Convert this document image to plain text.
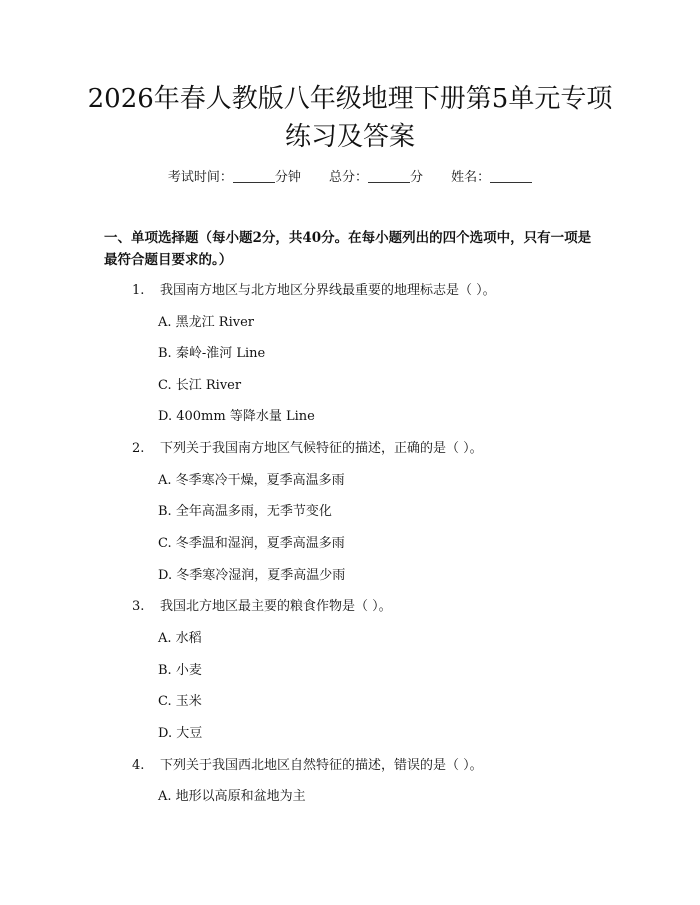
2026年春人教版八年级地理下册第5单元专项练习及答案
考试时间：	分钟 总分：	分 姓名：
一、单项选择题（每小题2分，共40分。在每小题列出的四个选项中，只有一项是最符合题目要求的。）
1. 我国南方地区与北方地区分界线最重要的地理标志是（ ）。
A. 黑龙江 River
B. 秦岭-淮河 Line
C. 长江 River
D. 400mm 等降水量 Line
2. 下列关于我国南方地区气候特征的描述，正确的是（ ）。
A. 冬季寒冷干燥，夏季高温多雨
B. 全年高温多雨，无季节变化
C. 冬季温和湿润，夏季高温多雨
D. 冬季寒冷湿润，夏季高温少雨
3. 我国北方地区最主要的粮食作物是（ ）。
A. 水稻
B. 小麦
C. 玉米
D. 大豆
4. 下列关于我国西北地区自然特征的描述，错误的是（ ）。
A. 地形以高原和盆地为主
